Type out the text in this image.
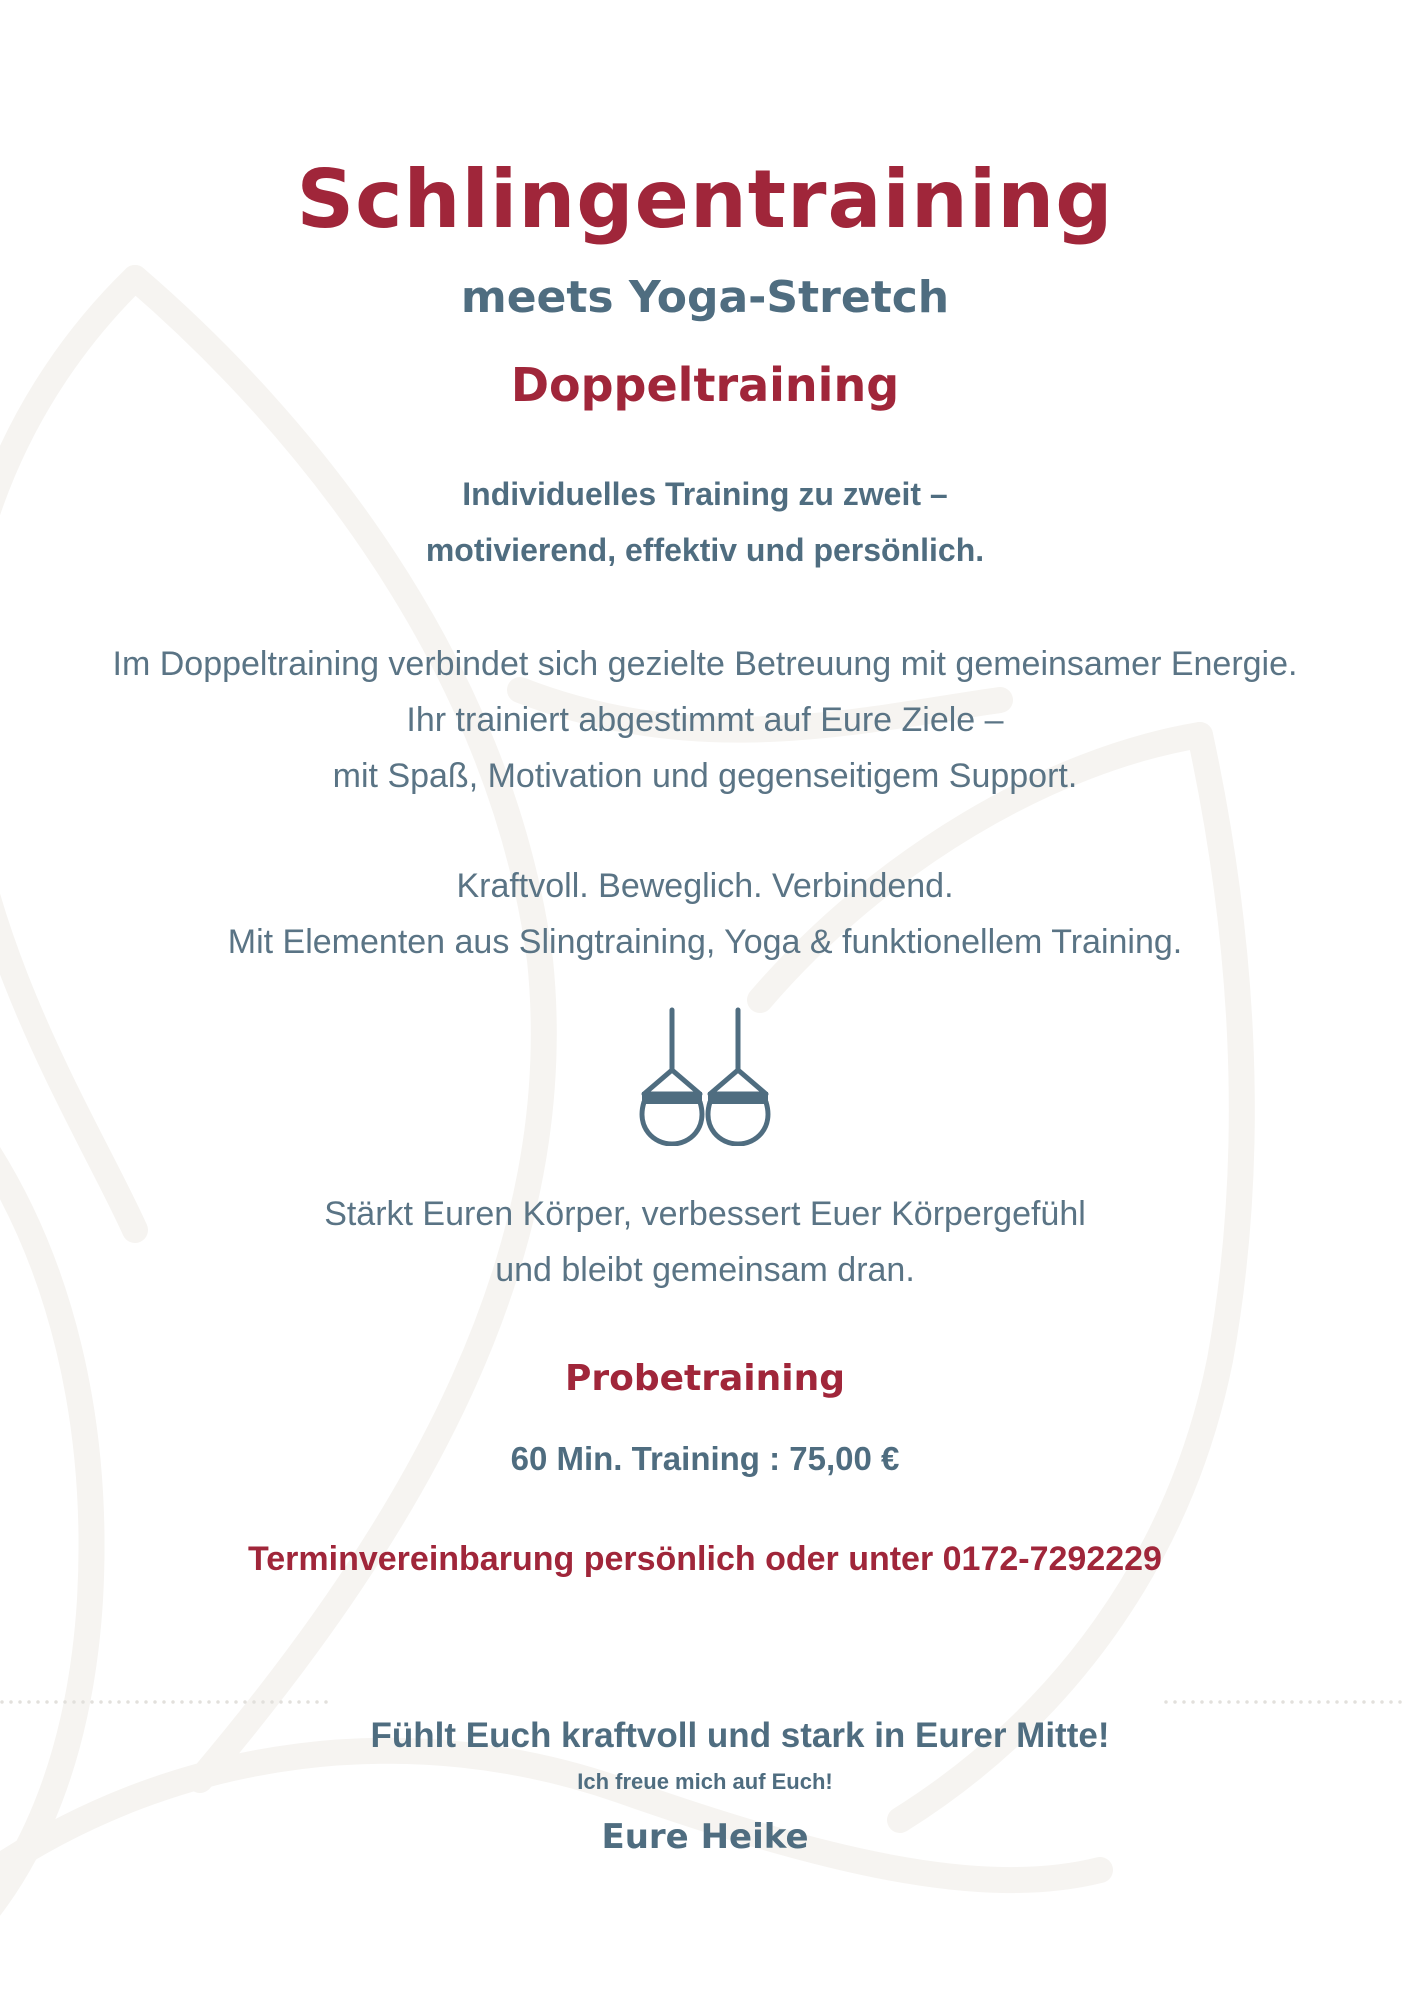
Schlingentraining
meets Yoga-Stretch
Doppeltraining

Individuelles Training zu zweit –
motivierend, effektiv und persönlich.

Im Doppeltraining verbindet sich gezielte Betreuung mit gemeinsamer Energie.
Ihr trainiert abgestimmt auf Eure Ziele –
mit Spaß, Motivation und gegenseitigem Support.

Kraftvoll. Beweglich. Verbindend.
Mit Elementen aus Slingtraining, Yoga & funktionellem Training.

Stärkt Euren Körper, verbessert Euer Körpergefühl
und bleibt gemeinsam dran.

Probetraining

60 Min. Training : 75,00 €

Terminvereinbarung persönlich oder unter 0172-7292229

Fühlt Euch kraftvoll und stark in Eurer Mitte!

Ich freue mich auf Euch!

Eure Heike
